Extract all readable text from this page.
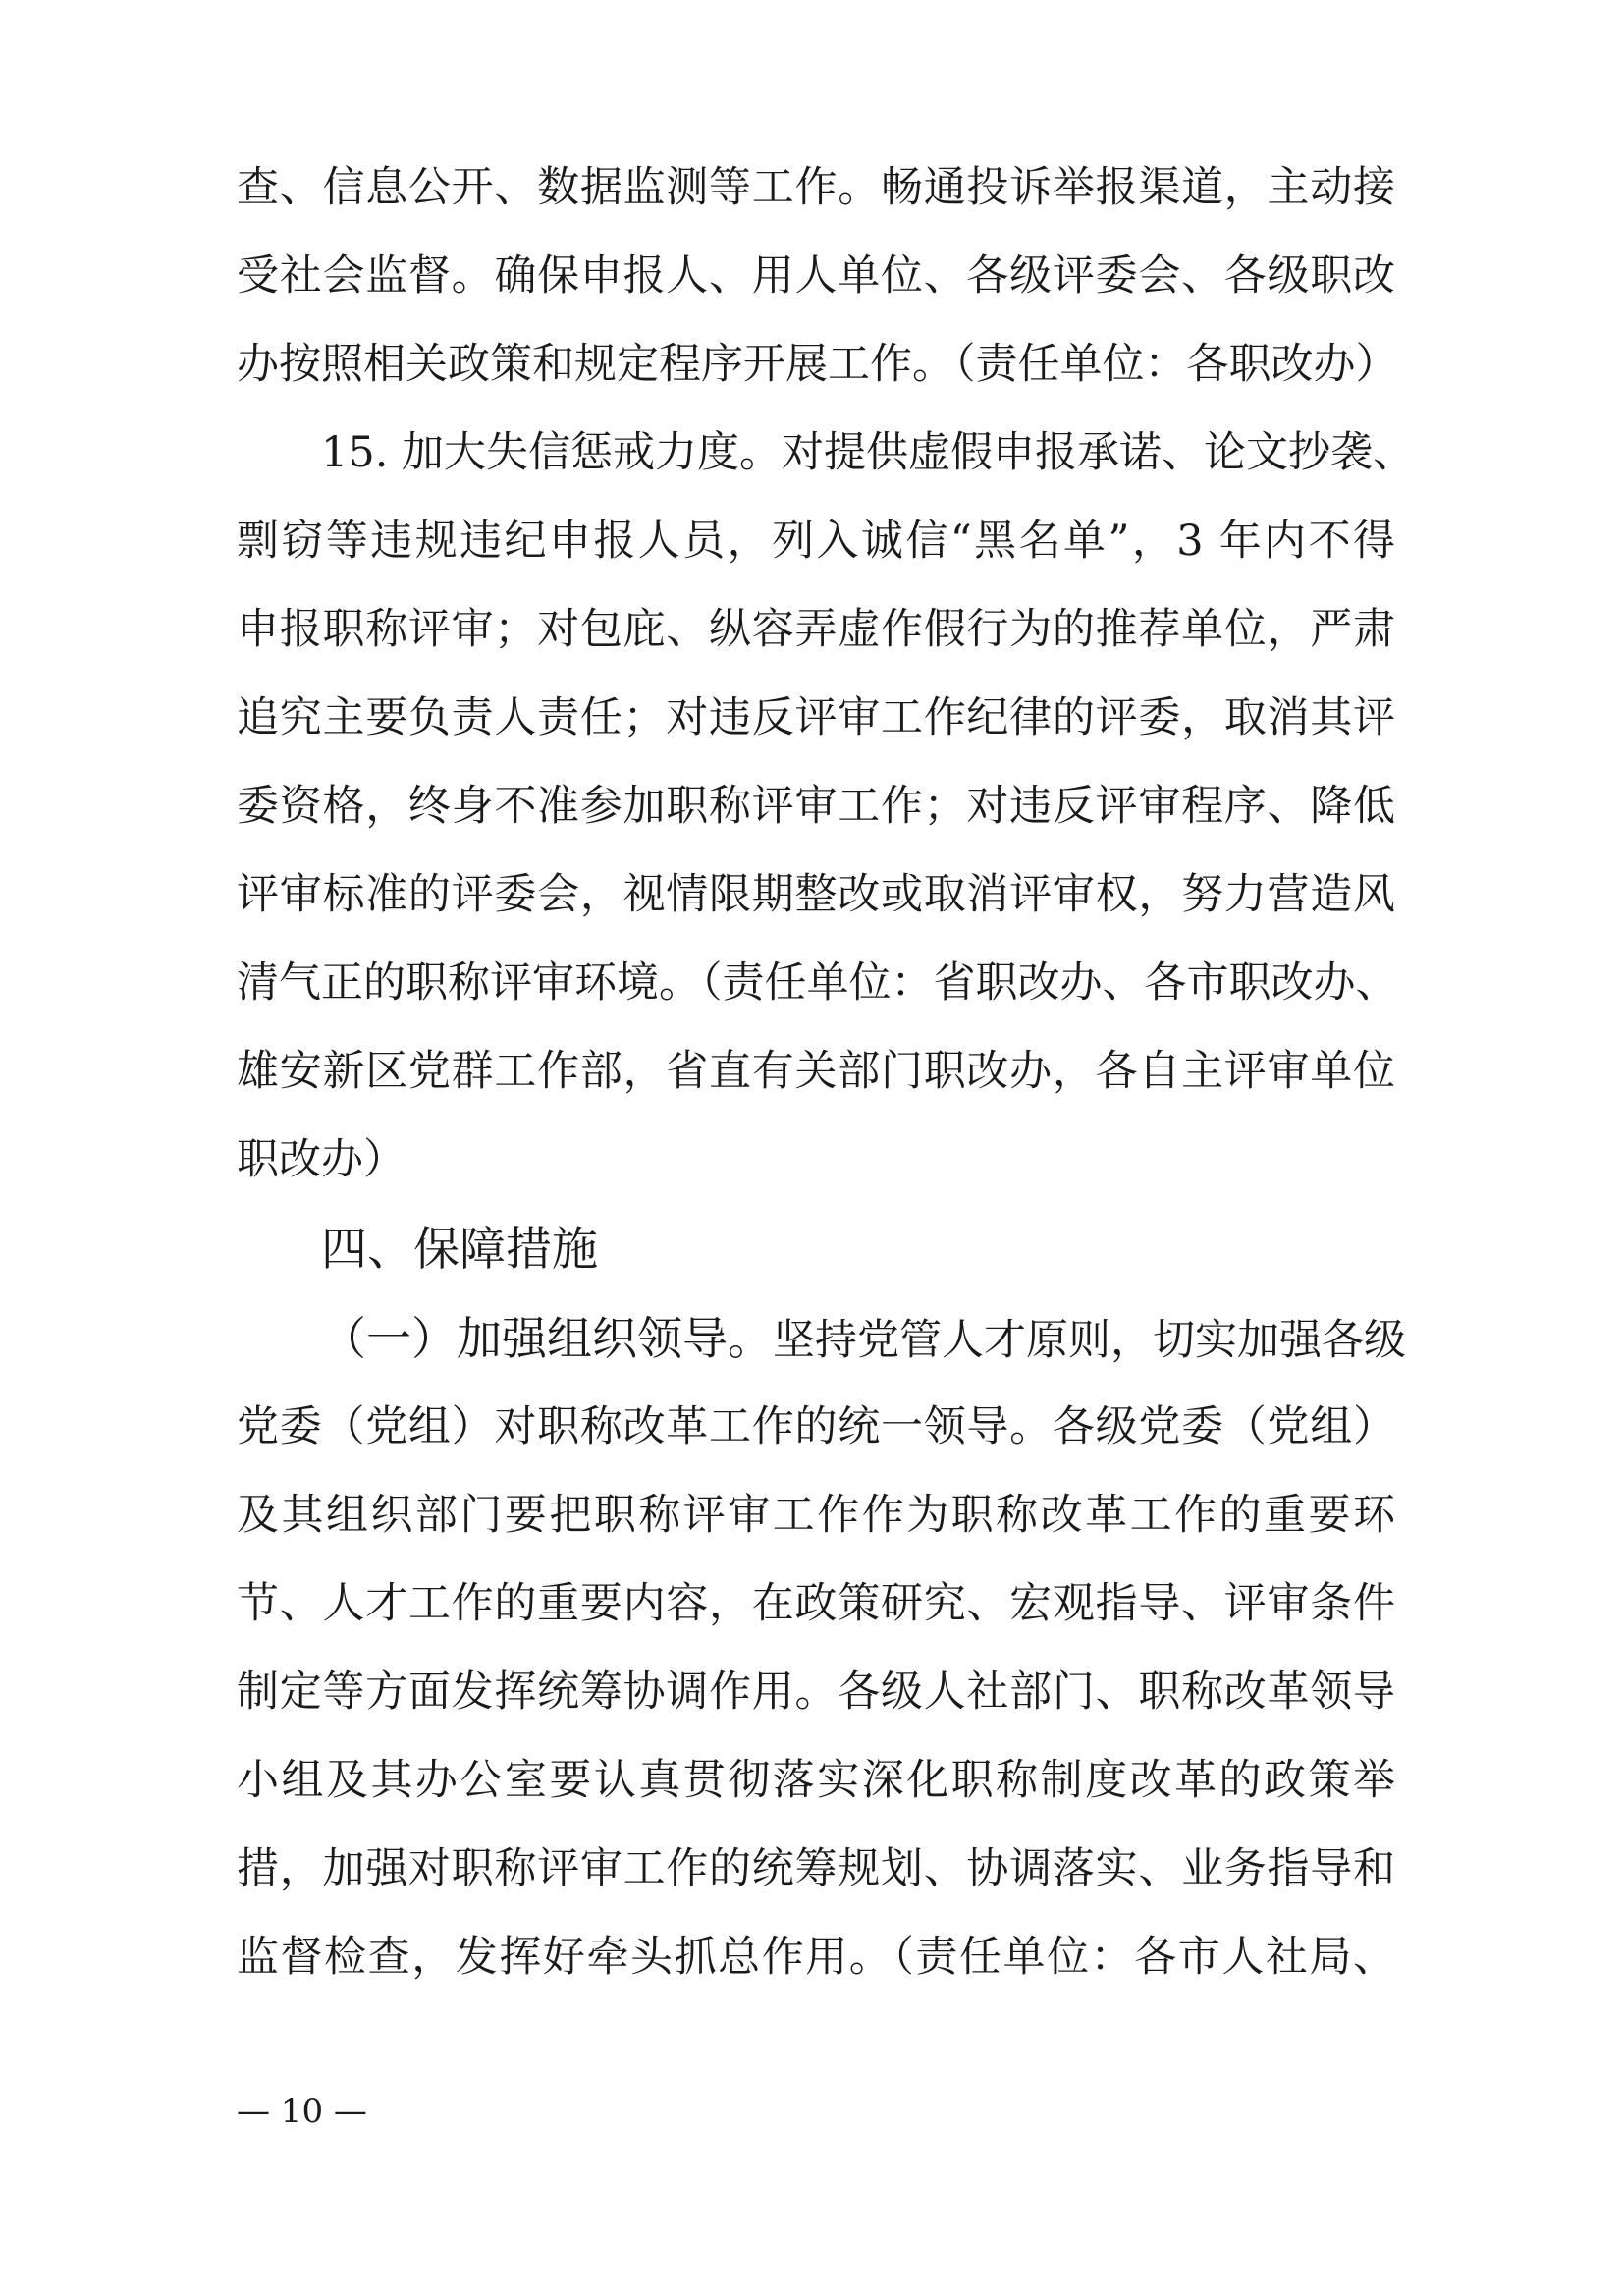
查、信息公开、数据监测等工作。畅通投诉举报渠道，主动接
受社会监督。确保申报人、用人单位、各级评委会、各级职改
办按照相关政策和规定程序开展工作。（责任单位：各职改办）
15. 加大失信惩戒力度。对提供虚假申报承诺、论文抄袭、
剽窃等违规违纪申报人员，列入诚信“黑名单”，3 年内不得
申报职称评审；对包庇、纵容弄虚作假行为的推荐单位，严肃
追究主要负责人责任；对违反评审工作纪律的评委，取消其评
委资格，终身不准参加职称评审工作；对违反评审程序、降低
评审标准的评委会，视情限期整改或取消评审权，努力营造风
清气正的职称评审环境。（责任单位：省职改办、各市职改办、
雄安新区党群工作部，省直有关部门职改办，各自主评审单位
职改办）
四、保障措施
（一）加强组织领导。坚持党管人才原则，切实加强各级
党委（党组）对职称改革工作的统一领导。各级党委（党组）
及其组织部门要把职称评审工作作为职称改革工作的重要环
节、人才工作的重要内容，在政策研究、宏观指导、评审条件
制定等方面发挥统筹协调作用。各级人社部门、职称改革领导
小组及其办公室要认真贯彻落实深化职称制度改革的政策举
措，加强对职称评审工作的统筹规划、协调落实、业务指导和
监督检查，发挥好牵头抓总作用。（责任单位：各市人社局、
— 10 —
